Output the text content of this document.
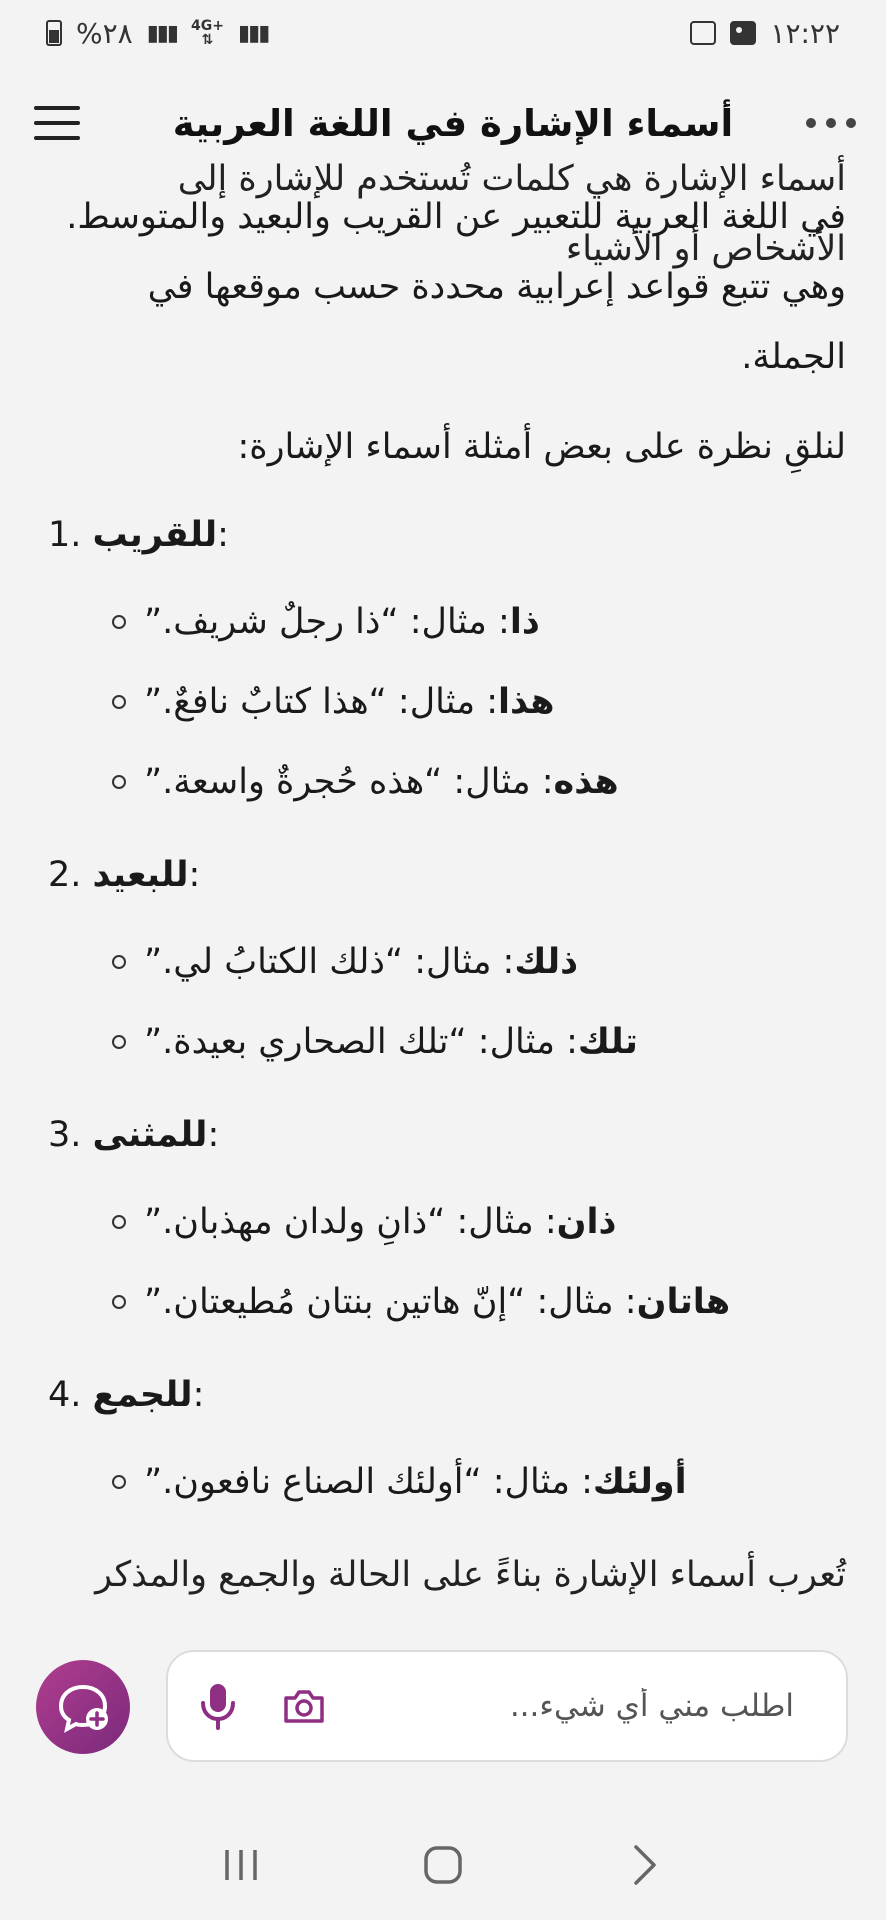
%٢٨ ▮▮▮ 4G+
⇅	▮▮▮	١٢:٢٢
أسماء الإشارة في اللغة العربية
أسماء الإشارة هي كلمات تُستخدم للإشارة إلى الأشخاص أو الأشياء

في اللغة العربية للتعبير عن القريب والبعيد والمتوسط. وهي تتبع قواعد إعرابية محددة حسب موقعها في الجملة.

لنلقِ نظرة على بعض أمثلة أسماء الإشارة:

1. للقريب:
ذا: مثال: “ذا رجلٌ شريف.”
هذا: مثال: “هذا كتابٌ نافعٌ.”
هذه: مثال: “هذه حُجرةٌ واسعة.”
2. للبعيد:
ذلك: مثال: “ذلك الكتابُ لي.”
تلك: مثال: “تلك الصحاري بعيدة.”
3. للمثنى:
ذان: مثال: “ذانِ ولدان مهذبان.”
هاتان: مثال: “إنّ هاتين بنتان مُطيعتان.”
4. للجمع:
أولئك: مثال: “أولئك الصناع نافعون.”
تُعرب أسماء الإشارة بناءً على الحالة والجمع والمذكر
اطلب مني أي شيء...
